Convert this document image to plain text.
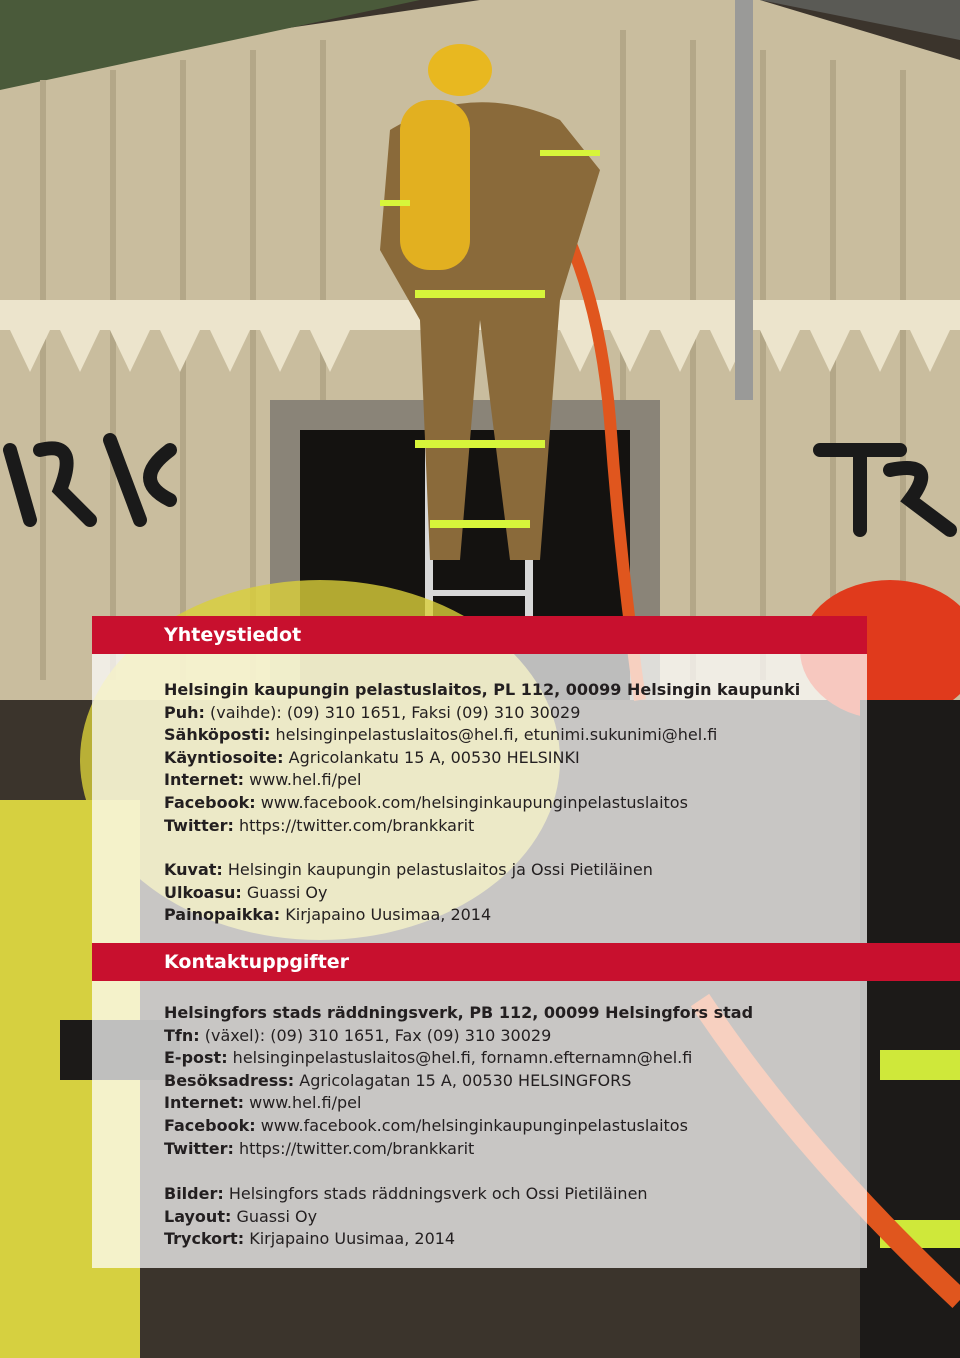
Yhteystiedot
Helsingin kaupungin pelastuslaitos, PL 112, 00099 Helsingin kaupunki
Puh: (vaihde): (09) 310 1651, Faksi (09) 310 30029
Sähköposti: helsinginpelastuslaitos@hel.fi, etunimi.sukunimi@hel.fi
Käyntiosoite: Agricolankatu 15 A, 00530 HELSINKI
Internet: www.hel.fi/pel
Facebook: www.facebook.com/helsinginkaupunginpelastuslaitos
Twitter: https://twitter.com/brankkarit
Kuvat: Helsingin kaupungin pelastuslaitos ja Ossi Pietiläinen
Ulkoasu: Guassi Oy
Painopaikka: Kirjapaino Uusimaa, 2014
Kontaktuppgifter
Helsingfors stads räddningsverk, PB 112, 00099 Helsingfors stad
Tfn: (växel): (09) 310 1651, Fax (09) 310 30029
E-post: helsinginpelastuslaitos@hel.fi, fornamn.efternamn@hel.fi
Besöksadress: Agricolagatan 15 A, 00530 HELSINGFORS
Internet: www.hel.fi/pel
Facebook: www.facebook.com/helsinginkaupunginpelastuslaitos
Twitter: https://twitter.com/brankkarit
Bilder: Helsingfors stads räddningsverk och Ossi Pietiläinen
Layout: Guassi Oy
Tryckort: Kirjapaino Uusimaa, 2014
